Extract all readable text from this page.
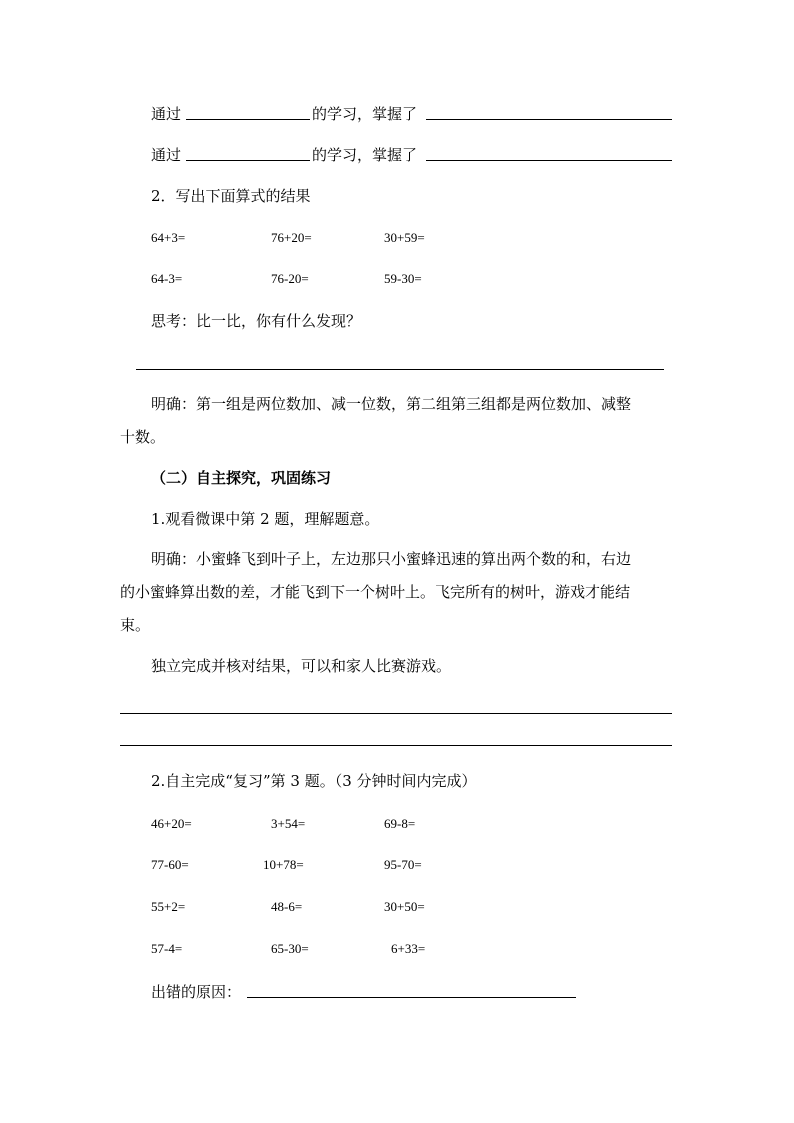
通过	的学习，掌握了
通过	的学习，掌握了
2．写出下面算式的结果
64+3=	76+20=	30+59=
64-3=	76-20=	59-30=
思考：比一比，你有什么发现？
明确：第一组是两位数加、减一位数，第二组第三组都是两位数加、减整
十数。
（二）自主探究，巩固练习
1.观看微课中第 2 题，理解题意。
明确：小蜜蜂飞到叶子上，左边那只小蜜蜂迅速的算出两个数的和，右边
的小蜜蜂算出数的差，才能飞到下一个树叶上。飞完所有的树叶，游戏才能结
束。
独立完成并核对结果，可以和家人比赛游戏。
2.自主完成“复习”第 3 题。（3 分钟时间内完成）
46+20=	3+54=	69-8=
77-60=	10+78=	95-70=
55+2=	48-6=	30+50=
57-4=	65-30=	6+33=
出错的原因：
